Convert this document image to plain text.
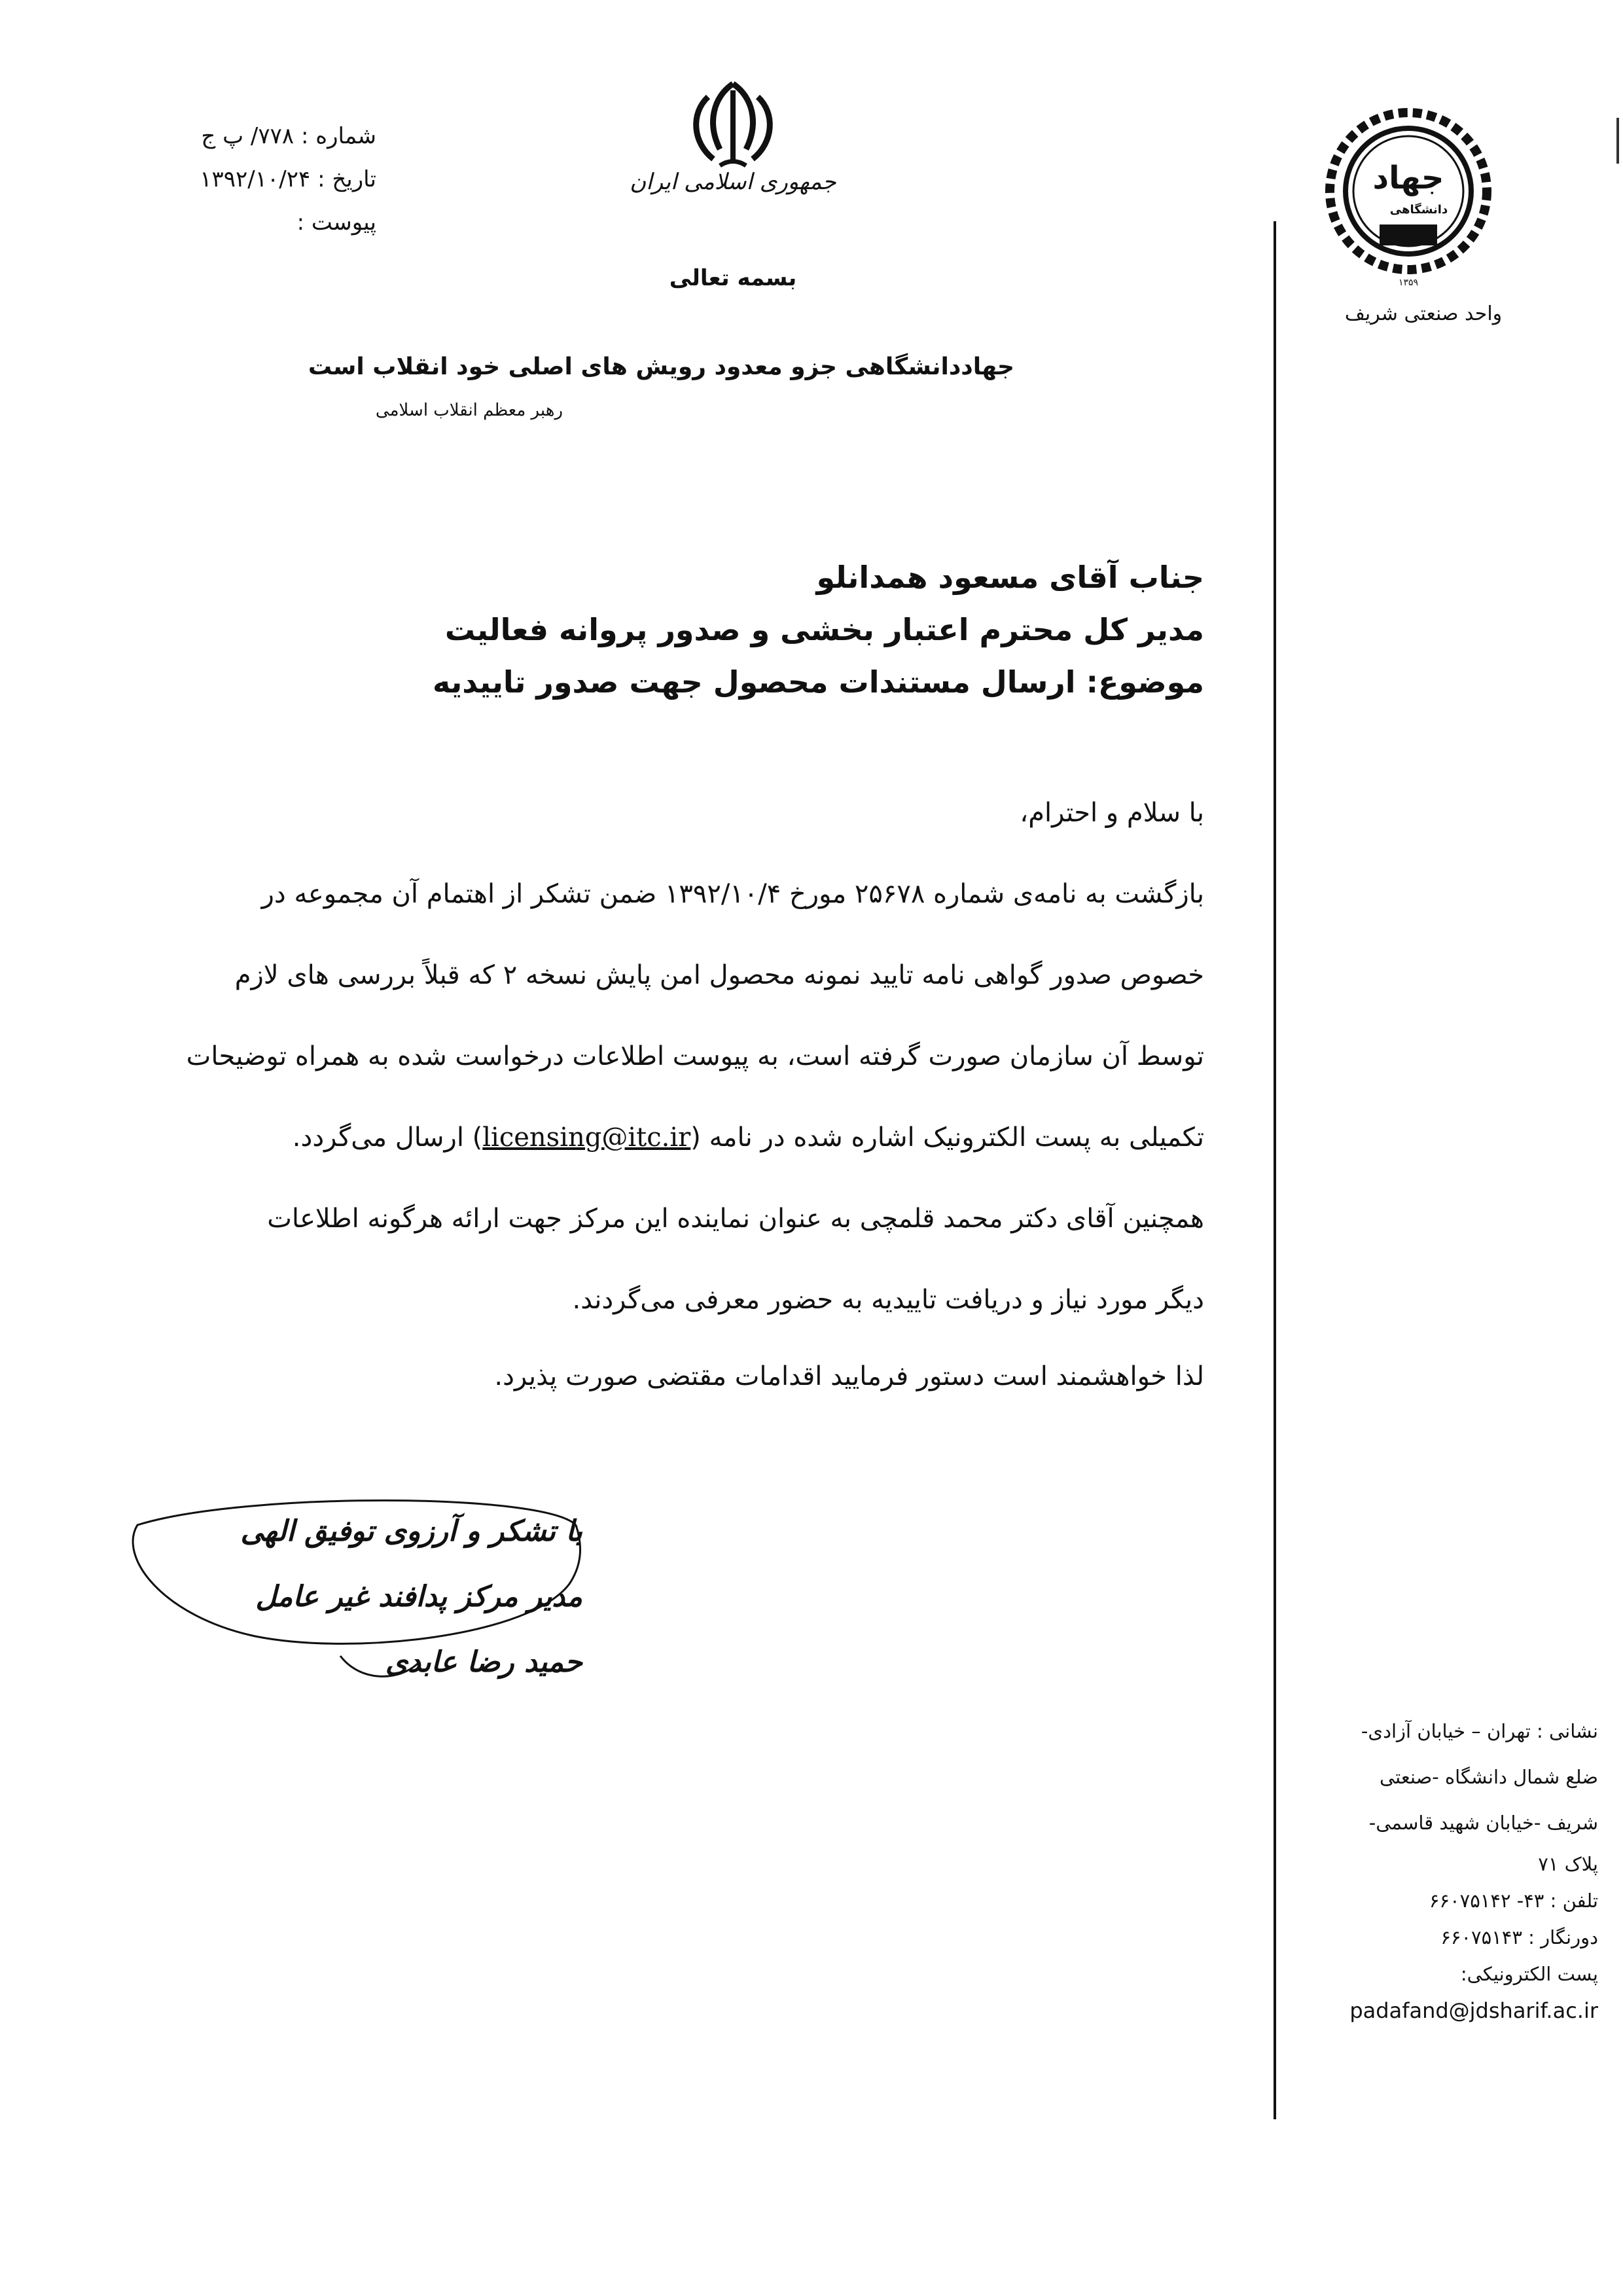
شماره : ۷۷۸/ پ ج
تاریخ : ۱۳۹۲/۱۰/۲۴
پیوست :
جمهوری اسلامی ایران
بسمه تعالی
جهاددانشگاهی جزو معدود رویش های اصلی خود انقلاب است
رهبر معظم انقلاب اسلامی
جهاد
دانشگاهی
۱۳۵۹
واحد صنعتی شریف
جناب آقای مسعود همدانلو
مدیر کل محترم اعتبار بخشی و صدور پروانه فعالیت
موضوع: ارسال مستندات محصول جهت صدور تاییدیه

با سلام و احترام،

بازگشت به نامه‌ی شماره ۲۵۶۷۸ مورخ ۱۳۹۲/۱۰/۴ ضمن تشکر از اهتمام آن مجموعه در

خصوص صدور گواهی نامه تایید نمونه محصول امن پایش نسخه ۲ که قبلاً بررسی های لازم

توسط آن سازمان صورت گرفته است، به پیوست اطلاعات درخواست شده به همراه توضیحات

تکمیلی به پست الکترونیک اشاره شده در نامه (licensing@itc.ir) ارسال می‌گردد.

همچنین آقای دکتر محمد قلمچی به عنوان نماینده این مرکز جهت ارائه هرگونه اطلاعات

دیگر مورد نیاز و دریافت تاییدیه به حضور معرفی می‌گردند.

لذا خواهشمند است دستور فرمایید اقدامات مقتضی صورت پذیرد.

با تشکر و آرزوی توفیق الهی
مدیر مرکز پدافند غیر عامل
حمید رضا عابدی

نشانی : تهران – خیابان آزادی-

ضلع شمال دانشگاه -صنعتی

شریف -خیابان شهید قاسمی-

پلاک ۷۱

تلفن : ۴۳- ۶۶۰۷۵۱۴۲

دورنگار : ۶۶۰۷۵۱۴۳

پست الکترونیکی:

padafand@jdsharif.ac.ir
